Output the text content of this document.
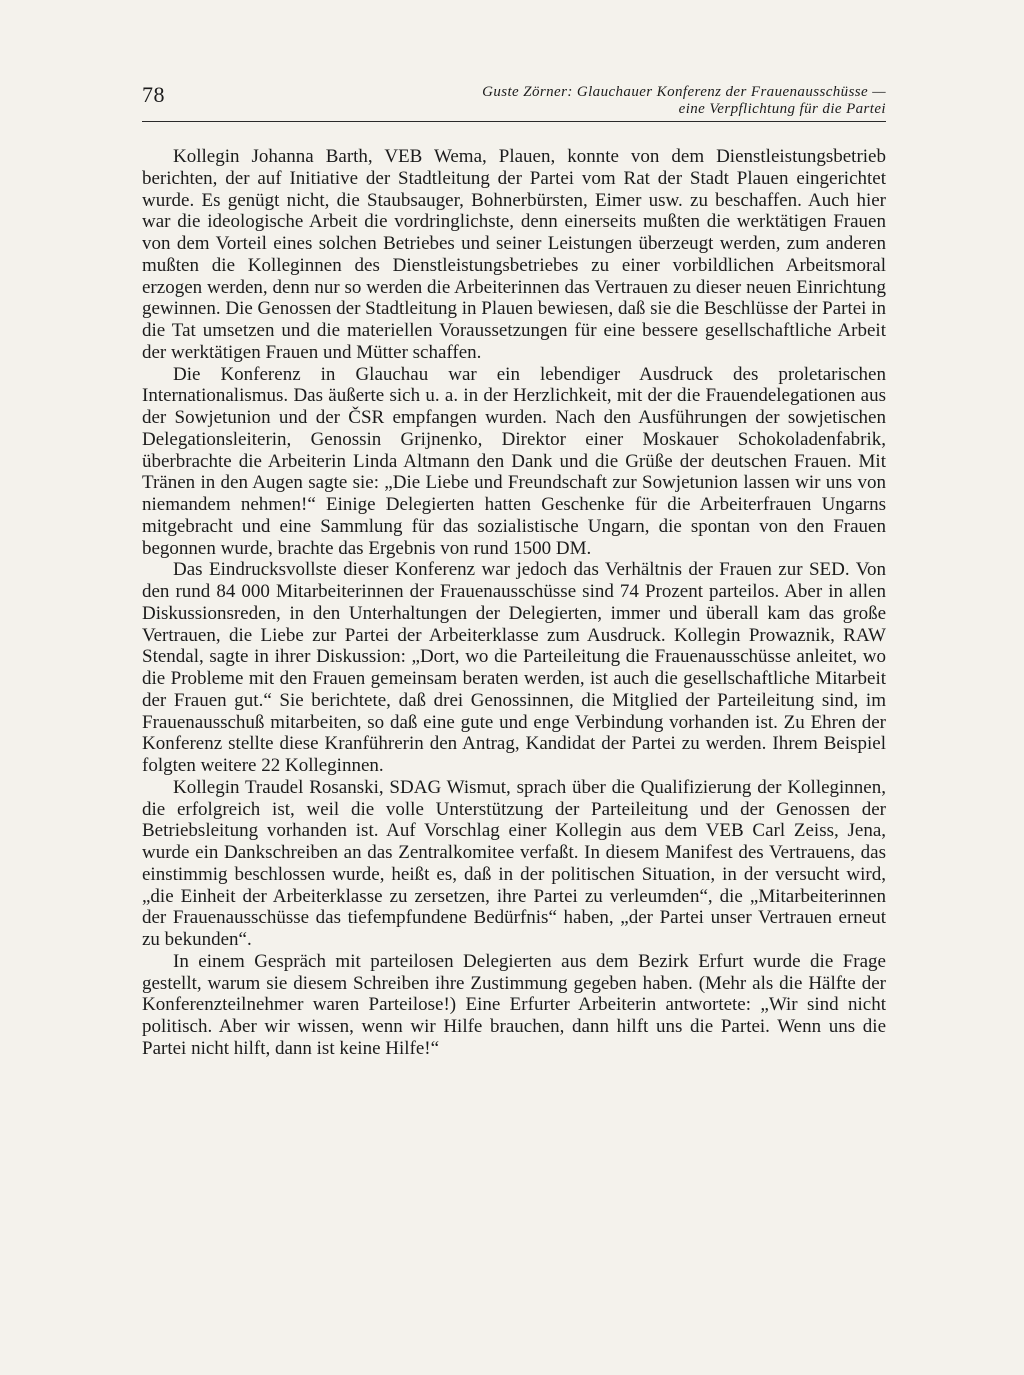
78	Guste Zörner: Glauchauer Konferenz der Frauenausschüsse —
eine Verpflichtung für die Partei

Kollegin Johanna Barth, VEB Wema, Plauen, konnte von dem Dienstleistungsbetrieb berichten, der auf Initiative der Stadtleitung der Partei vom Rat der Stadt Plauen eingerichtet wurde. Es genügt nicht, die Staubsauger, Bohnerbürsten, Eimer usw. zu beschaffen. Auch hier war die ideologische Arbeit die vordringlichste, denn einerseits mußten die werktätigen Frauen von dem Vorteil eines solchen Betriebes und seiner Leistungen überzeugt werden, zum anderen mußten die Kolleginnen des Dienstleistungsbetriebes zu einer vorbildlichen Arbeitsmoral erzogen werden, denn nur so werden die Arbeiterinnen das Vertrauen zu dieser neuen Einrichtung gewinnen. Die Genossen der Stadtleitung in Plauen bewiesen, daß sie die Beschlüsse der Partei in die Tat umsetzen und die materiellen Voraussetzungen für eine bessere gesellschaftliche Arbeit der werktätigen Frauen und Mütter schaffen.

Die Konferenz in Glauchau war ein lebendiger Ausdruck des proletarischen Internationalismus. Das äußerte sich u. a. in der Herzlichkeit, mit der die Frauendelegationen aus der Sowjetunion und der ČSR empfangen wurden. Nach den Ausführungen der sowjetischen Delegationsleiterin, Genossin Grijnenko, Direktor einer Moskauer Schokoladenfabrik, überbrachte die Arbeiterin Linda Altmann den Dank und die Grüße der deutschen Frauen. Mit Tränen in den Augen sagte sie: „Die Liebe und Freundschaft zur Sowjetunion lassen wir uns von niemandem nehmen!“ Einige Delegierten hatten Geschenke für die Arbeiterfrauen Ungarns mitgebracht und eine Sammlung für das sozialistische Ungarn, die spontan von den Frauen begonnen wurde, brachte das Ergebnis von rund 1500 DM.

Das Eindrucksvollste dieser Konferenz war jedoch das Verhältnis der Frauen zur SED. Von den rund 84 000 Mitarbeiterinnen der Frauenausschüsse sind 74 Prozent parteilos. Aber in allen Diskussionsreden, in den Unterhaltungen der Delegierten, immer und überall kam das große Vertrauen, die Liebe zur Partei der Arbeiterklasse zum Ausdruck. Kollegin Prowaznik, RAW Stendal, sagte in ihrer Diskussion: „Dort, wo die Parteileitung die Frauenausschüsse anleitet, wo die Probleme mit den Frauen gemeinsam beraten werden, ist auch die gesellschaftliche Mitarbeit der Frauen gut.“ Sie berichtete, daß drei Genossinnen, die Mitglied der Parteileitung sind, im Frauenausschuß mitarbeiten, so daß eine gute und enge Verbindung vorhanden ist. Zu Ehren der Konferenz stellte diese Kranführerin den Antrag, Kandidat der Partei zu werden. Ihrem Beispiel folgten weitere 22 Kolleginnen.

Kollegin Traudel Rosanski, SDAG Wismut, sprach über die Qualifizierung der Kolleginnen, die erfolgreich ist, weil die volle Unterstützung der Parteileitung und der Genossen der Betriebsleitung vorhanden ist. Auf Vorschlag einer Kollegin aus dem VEB Carl Zeiss, Jena, wurde ein Dankschreiben an das Zentralkomitee verfaßt. In diesem Manifest des Vertrauens, das einstimmig beschlossen wurde, heißt es, daß in der politischen Situation, in der versucht wird, „die Einheit der Arbeiterklasse zu zersetzen, ihre Partei zu verleumden“, die „Mitarbeiterinnen der Frauenausschüsse das tiefempfundene Bedürfnis“ haben, „der Partei unser Vertrauen erneut zu bekunden“.

In einem Gespräch mit parteilosen Delegierten aus dem Bezirk Erfurt wurde die Frage gestellt, warum sie diesem Schreiben ihre Zustimmung gegeben haben. (Mehr als die Hälfte der Konferenzteilnehmer waren Parteilose!) Eine Erfurter Arbeiterin antwortete: „Wir sind nicht politisch. Aber wir wissen, wenn wir Hilfe brauchen, dann hilft uns die Partei. Wenn uns die Partei nicht hilft, dann ist keine Hilfe!“
